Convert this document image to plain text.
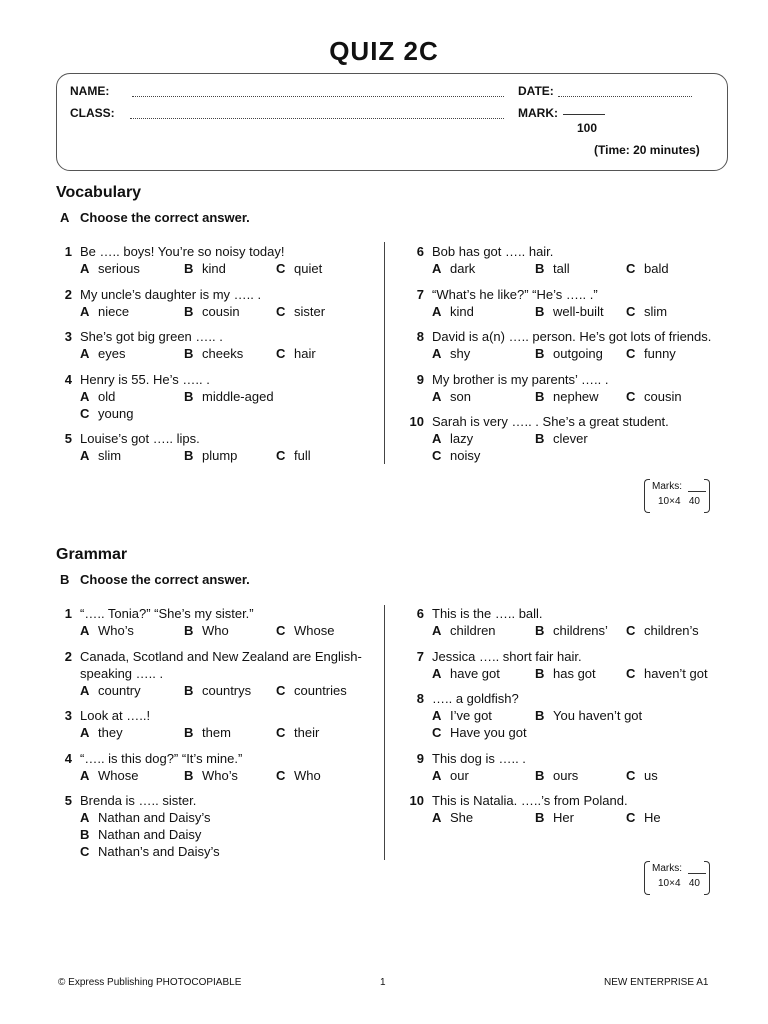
QUIZ 2C
NAME:
CLASS:
DATE:
MARK:
100
(Time: 20 minutes)
Vocabulary
A Choose the correct answer.
1 Be ….. boys! You’re so noisy today!
A serious	B kind	C quiet
2 My uncle’s daughter is my ….. .
A niece	B cousin	C sister
3 She’s got big green ….. .
A eyes	B cheeks	C hair
4 Henry is 55. He’s ….. .
A old	B middle-aged
C young
5 Louise’s got ….. lips.
A slim	B plump	C full
6 Bob has got ….. hair.
A dark	B tall	C bald
7 “What’s he like?” “He’s ….. .”
A kind	B well-built C slim
8 David is a(n) ….. person. He’s got lots of friends.
A shy	B outgoing C funny
9 My brother is my parents’ ….. .
A son	B nephew C cousin
10 Sarah is very ….. . She’s a great student.
A lazy	B clever
C noisy
Marks:
10×4 40
Grammar
B Choose the correct answer.
1 “….. Tonia?” “She’s my sister.”
A Who’s	B Who	C Whose
2 Canada, Scotland and New Zealand are English-
speaking ….. .
A country	B countrys C countries
3 Look at …..!
A they	B them	C their
4 “….. is this dog?” “It’s mine.”
A Whose	B Who’s	C Who
5 Brenda is ….. sister.
A Nathan and Daisy’s
B Nathan and Daisy
C Nathan’s and Daisy’s
6 This is the ….. ball.
A children	B childrens’ C children’s
7 Jessica ….. short fair hair.
A have got	B has got C haven’t got
8 ….. a goldfish?
A I’ve got	B You haven’t got
C Have you got
9 This dog is ….. .
A our	B ours	C us
10 This is Natalia. …..’s from Poland.
A She	B Her	C He
Marks:
10×4 40
© Express Publishing PHOTOCOPIABLE	1	NEW ENTERPRISE A1
